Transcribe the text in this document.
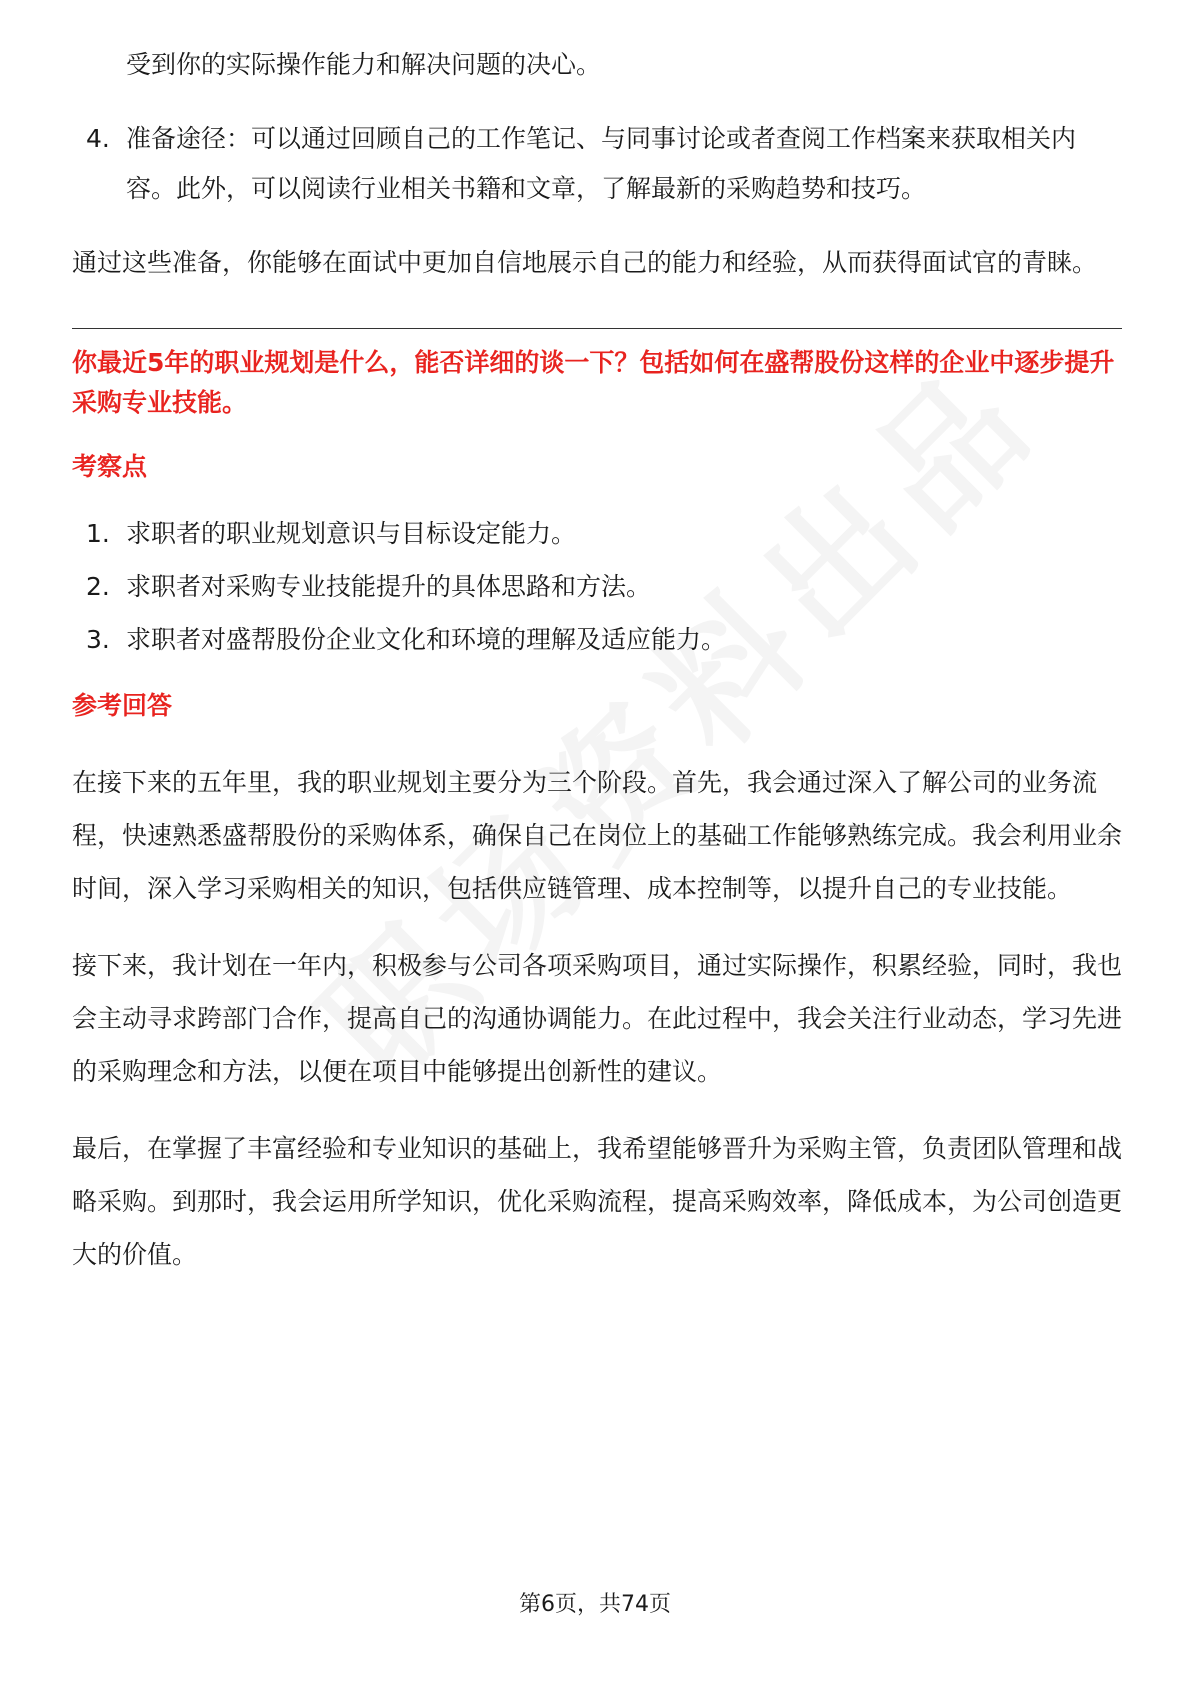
受到你的实际操作能力和解决问题的决心。

4. 准备途径：可以通过回顾自己的工作笔记、与同事讨论或者查阅工作档案来获取相关内容。此外，可以阅读行业相关书籍和文章，了解最新的采购趋势和技巧。

通过这些准备，你能够在面试中更加自信地展示自己的能力和经验，从而获得面试官的青睐。

你最近5年的职业规划是什么，能否详细的谈一下？包括如何在盛帮股份这样的企业中逐步提升采购专业技能。
考察点
1. 求职者的职业规划意识与目标设定能力。
2. 求职者对采购专业技能提升的具体思路和方法。
3. 求职者对盛帮股份企业文化和环境的理解及适应能力。
参考回答

在接下来的五年里，我的职业规划主要分为三个阶段。首先，我会通过深入了解公司的业务流程，快速熟悉盛帮股份的采购体系，确保自己在岗位上的基础工作能够熟练完成。我会利用业余时间，深入学习采购相关的知识，包括供应链管理、成本控制等，以提升自己的专业技能。

接下来，我计划在一年内，积极参与公司各项采购项目，通过实际操作，积累经验，同时，我也会主动寻求跨部门合作，提高自己的沟通协调能力。在此过程中，我会关注行业动态，学习先进的采购理念和方法，以便在项目中能够提出创新性的建议。

最后，在掌握了丰富经验和专业知识的基础上，我希望能够晋升为采购主管，负责团队管理和战略采购。到那时，我会运用所学知识，优化采购流程，提高采购效率，降低成本，为公司创造更大的价值。

第6页，共74页
